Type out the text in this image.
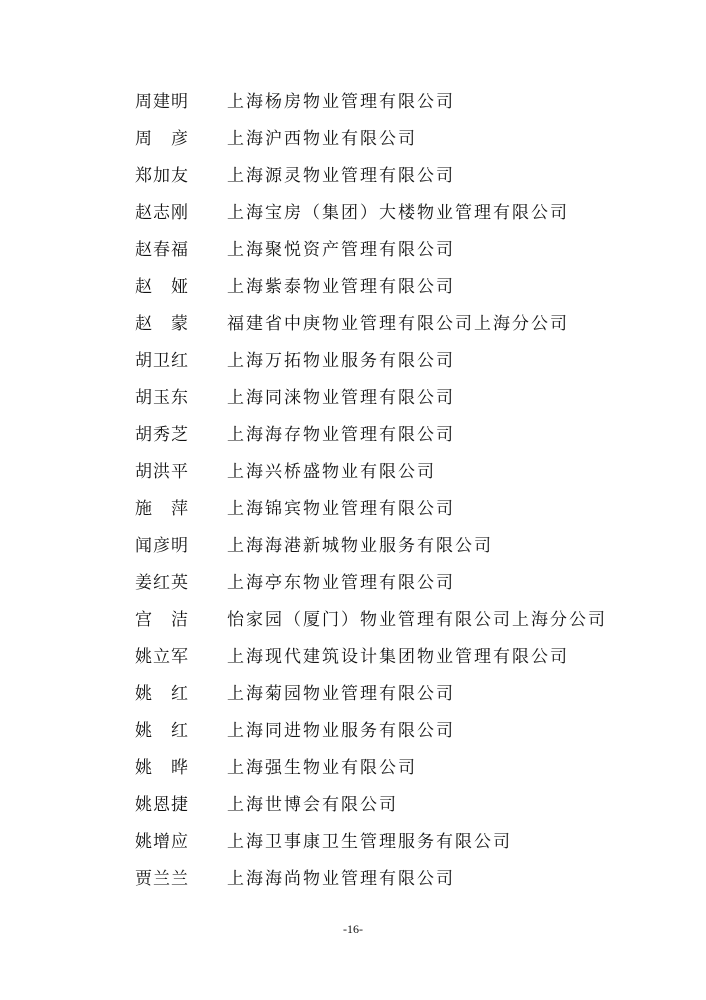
周建明	上海杨房物业管理有限公司
周　彦	上海沪西物业有限公司
郑加友	上海源灵物业管理有限公司
赵志刚	上海宝房（集团）大楼物业管理有限公司
赵春福	上海聚悦资产管理有限公司
赵　娅	上海紫泰物业管理有限公司
赵　蒙	福建省中庚物业管理有限公司上海分公司
胡卫红	上海万拓物业服务有限公司
胡玉东	上海同涞物业管理有限公司
胡秀芝	上海海存物业管理有限公司
胡洪平	上海兴桥盛物业有限公司
施　萍	上海锦宾物业管理有限公司
闻彦明	上海海港新城物业服务有限公司
姜红英	上海亭东物业管理有限公司
宫　洁	怡家园（厦门）物业管理有限公司上海分公司
姚立军	上海现代建筑设计集团物业管理有限公司
姚　红	上海菊园物业管理有限公司
姚　红	上海同进物业服务有限公司
姚　晔	上海强生物业有限公司
姚恩捷	上海世博会有限公司
姚增应	上海卫事康卫生管理服务有限公司
贾兰兰	上海海尚物业管理有限公司
-16-
